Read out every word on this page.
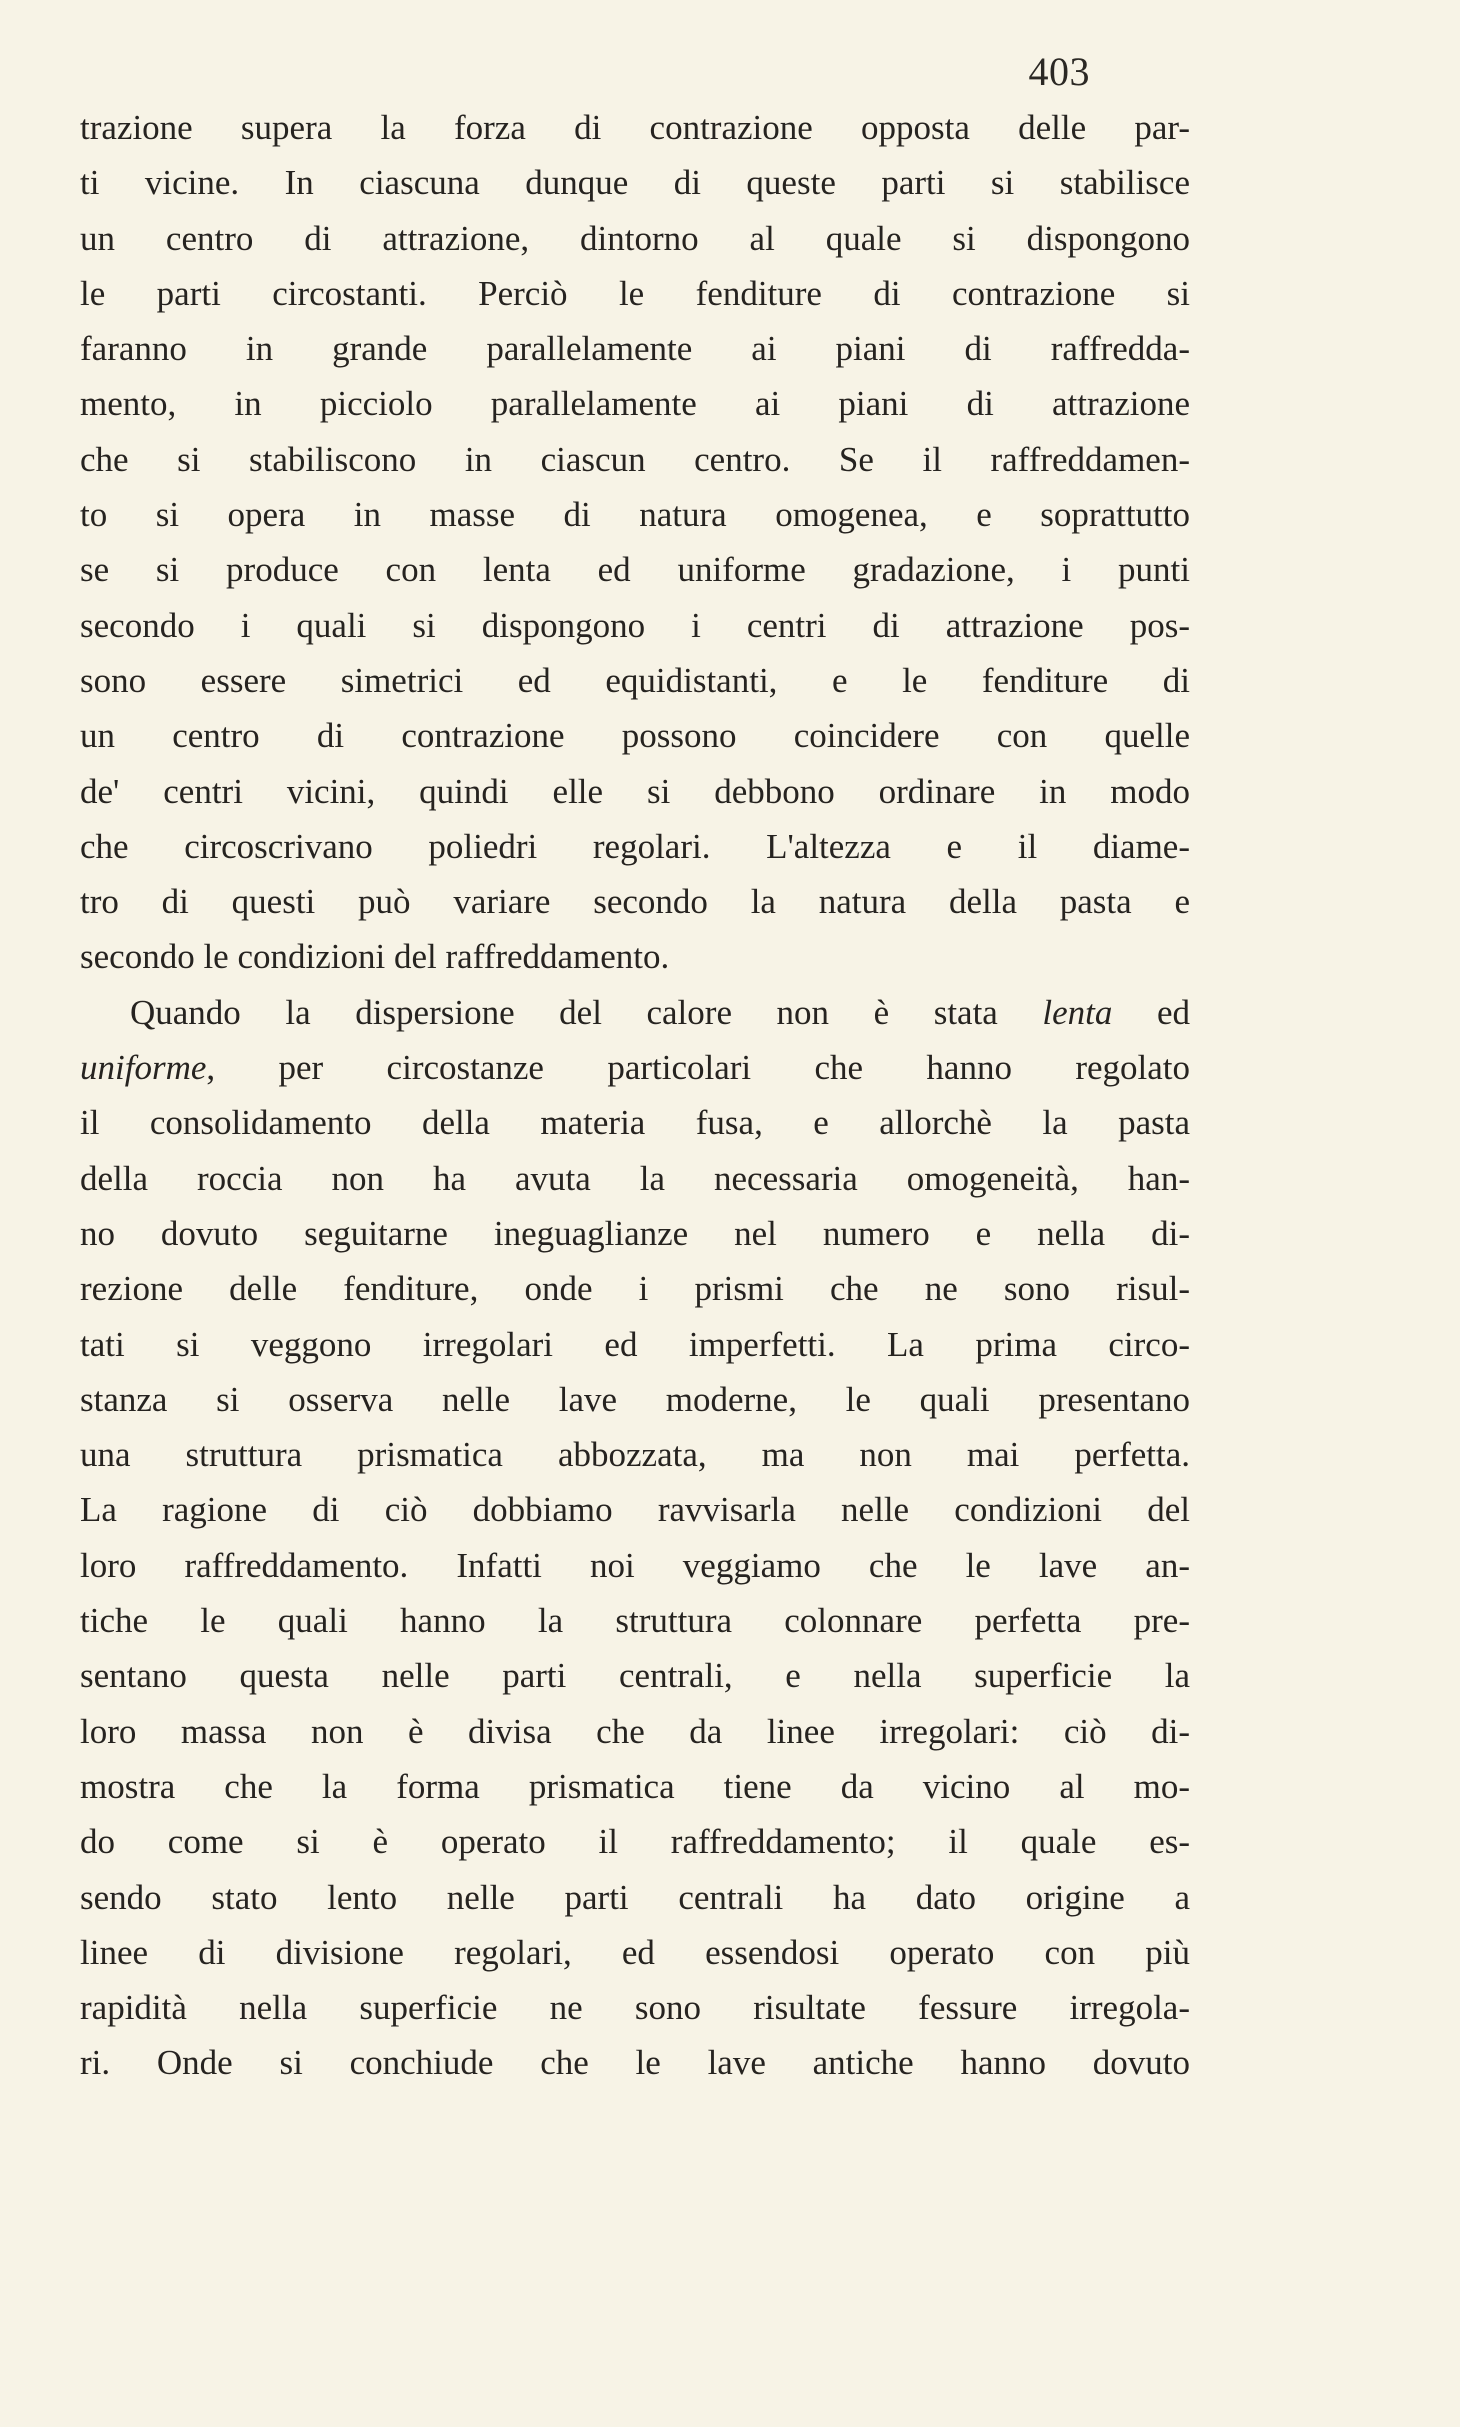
403
trazione supera la forza di contrazione opposta delle par-
ti vicine. In ciascuna dunque di queste parti si stabilisce
un centro di attrazione, dintorno al quale si dispongono
le parti circostanti. Perciò le fenditure di contrazione si
faranno in grande parallelamente ai piani di raffredda-
mento, in picciolo parallelamente ai piani di attrazione
che si stabiliscono in ciascun centro. Se il raffreddamen-
to si opera in masse di natura omogenea, e soprattutto
se si produce con lenta ed uniforme gradazione, i punti
secondo i quali si dispongono i centri di attrazione pos-
sono essere simetrici ed equidistanti, e le fenditure di
un centro di contrazione possono coincidere con quelle
de' centri vicini, quindi elle si debbono ordinare in modo
che circoscrivano poliedri regolari. L'altezza e il diame-
tro di questi può variare secondo la natura della pasta e
secondo le condizioni del raffreddamento.
Quando la dispersione del calore non è stata lenta ed
uniforme, per circostanze particolari che hanno regolato
il consolidamento della materia fusa, e allorchè la pasta
della roccia non ha avuta la necessaria omogeneità, han-
no dovuto seguitarne ineguaglianze nel numero e nella di-
rezione delle fenditure, onde i prismi che ne sono risul-
tati si veggono irregolari ed imperfetti. La prima circo-
stanza si osserva nelle lave moderne, le quali presentano
una struttura prismatica abbozzata, ma non mai perfetta.
La ragione di ciò dobbiamo ravvisarla nelle condizioni del
loro raffreddamento. Infatti noi veggiamo che le lave an-
tiche le quali hanno la struttura colonnare perfetta pre-
sentano questa nelle parti centrali, e nella superficie la
loro massa non è divisa che da linee irregolari: ciò di-
mostra che la forma prismatica tiene da vicino al mo-
do come si è operato il raffreddamento; il quale es-
sendo stato lento nelle parti centrali ha dato origine a
linee di divisione regolari, ed essendosi operato con più
rapidità nella superficie ne sono risultate fessure irregola-
ri. Onde si conchiude che le lave antiche hanno dovuto
